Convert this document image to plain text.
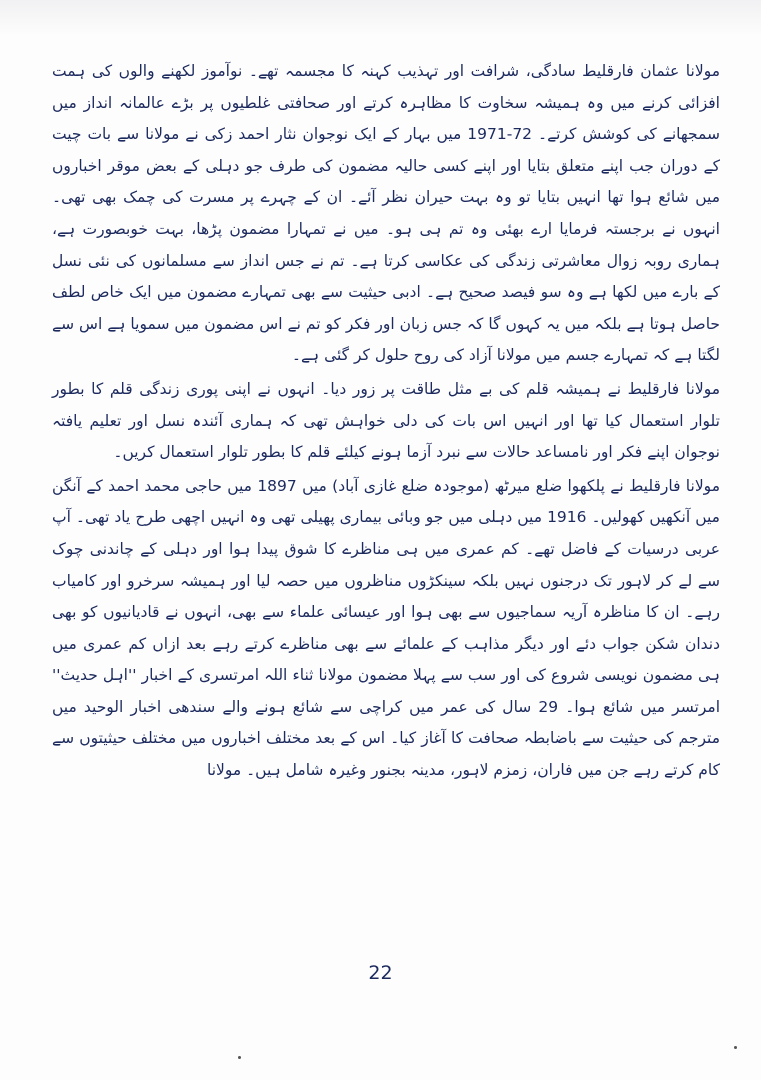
مولانا عثمان فارقلیط سادگی، شرافت اور تہذیب کہنہ کا مجسمہ تھے۔ نوآموز لکھنے والوں کی ہمت افزائی کرنے میں وہ ہمیشہ سخاوت کا مظاہرہ کرتے اور صحافتی غلطیوں پر بڑے عالمانہ انداز میں سمجھانے کی کوشش کرتے۔ 72-1971 میں بہار کے ایک نوجوان نثار احمد زکی نے مولانا سے بات چیت کے دوران جب اپنے متعلق بتایا اور اپنے کسی حالیہ مضمون کی طرف جو دہلی کے بعض موقر اخباروں میں شائع ہوا تھا انہیں بتایا تو وہ بہت حیران نظر آئے۔ ان کے چہرے پر مسرت کی چمک بھی تھی۔ انہوں نے برجستہ فرمایا ارے بھئی وہ تم ہی ہو۔ میں نے تمہارا مضمون پڑھا، بہت خوبصورت ہے، ہماری روبہ زوال معاشرتی زندگی کی عکاسی کرتا ہے۔ تم نے جس انداز سے مسلمانوں کی نئی نسل کے بارے میں لکھا ہے وہ سو فیصد صحیح ہے۔ ادبی حیثیت سے بھی تمہارے مضمون میں ایک خاص لطف حاصل ہوتا ہے بلکہ میں یہ کہوں گا کہ جس زبان اور فکر کو تم نے اس مضمون میں سمویا ہے اس سے لگتا ہے کہ تمہارے جسم میں مولانا آزاد کی روح حلول کر گئی ہے۔

مولانا فارقلیط نے ہمیشہ قلم کی بے مثل طاقت پر زور دیا۔ انہوں نے اپنی پوری زندگی قلم کا بطور تلوار استعمال کیا تھا اور انہیں اس بات کی دلی خواہش تھی کہ ہماری آئندہ نسل اور تعلیم یافتہ نوجوان اپنے فکر اور نامساعد حالات سے نبرد آزما ہونے کیلئے قلم کا بطور تلوار استعمال کریں۔

مولانا فارقلیط نے پلکھوا ضلع میرٹھ (موجودہ ضلع غازی آباد) میں 1897 میں حاجی محمد احمد کے آنگن میں آنکھیں کھولیں۔ 1916 میں دہلی میں جو وبائی بیماری پھیلی تھی وہ انہیں اچھی طرح یاد تھی۔ آپ عربی درسیات کے فاضل تھے۔ کم عمری میں ہی مناظرے کا شوق پیدا ہوا اور دہلی کے چاندنی چوک سے لے کر لاہور تک درجنوں نہیں بلکہ سینکڑوں مناظروں میں حصہ لیا اور ہمیشہ سرخرو اور کامیاب رہے۔ ان کا مناظرہ آریہ سماجیوں سے بھی ہوا اور عیسائی علماء سے بھی، انہوں نے قادیانیوں کو بھی دندان شکن جواب دئے اور دیگر مذاہب کے علمائے سے بھی مناظرے کرتے رہے بعد ازاں کم عمری میں ہی مضمون نویسی شروع کی اور سب سے پہلا مضمون مولانا ثناء اللہ امرتسری کے اخبار ''اہل حدیث'' امرتسر میں شائع ہوا۔ 29 سال کی عمر میں کراچی سے شائع ہونے والے سندھی اخبار الوحید میں مترجم کی حیثیت سے باضابطہ صحافت کا آغاز کیا۔ اس کے بعد مختلف اخباروں میں مختلف حیثیتوں سے کام کرتے رہے جن میں فاران، زمزم لاہور، مدینہ بجنور وغیرہ شامل ہیں۔ مولانا

22
